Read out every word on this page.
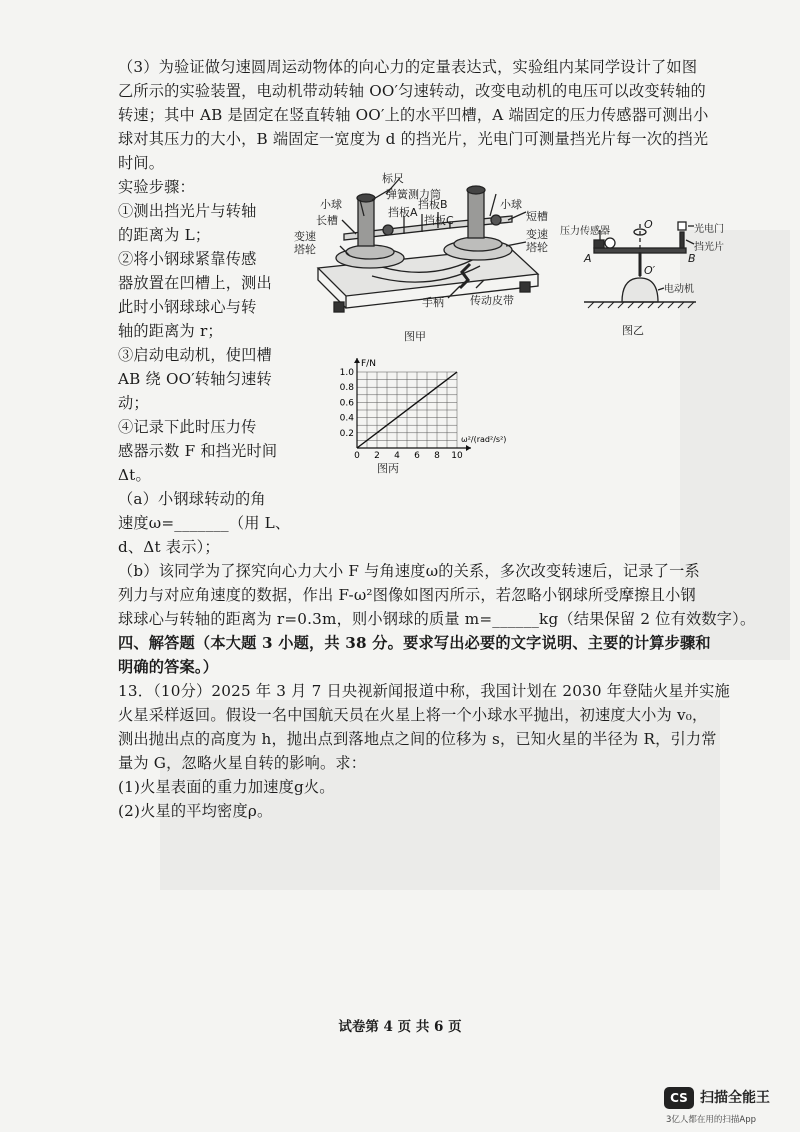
（3）为验证做匀速圆周运动物体的向心力的定量表达式，实验组内某同学设计了如图
乙所示的实验装置，电动机带动转轴 OO′匀速转动，改变电动机的电压可以改变转轴的
转速；其中 AB 是固定在竖直转轴 OO′上的水平凹槽，A 端固定的压力传感器可测出小
球对其压力的大小，B 端固定一宽度为 d 的挡光片，光电门可测量挡光片每一次的挡光
时间。
实验步骤：
①测出挡光片与转轴
的距离为 L；
②将小钢球紧靠传感
器放置在凹槽上，测出
此时小钢球球心与转
轴的距离为 r；
③启动电动机，使凹槽
AB 绕 OO′转轴匀速转
动；
④记录下此时压力传
感器示数 F 和挡光时间
Δt。
（a）小钢球转动的角
速度ω=_______（用 L、
d、Δt 表示）；
（b）该同学为了探究向心力大小 F 与角速度ω的关系，多次改变转速后，记录了一系
列力与对应角速度的数据，作出 F-ω²图像如图丙所示，若忽略小钢球所受摩擦且小钢
球球心与转轴的距离为 r=0.3m，则小钢球的质量 m=______kg（结果保留 2 位有效数字）。
四、解答题（本大题 3 小题，共 38 分。要求写出必要的文字说明、主要的计算步骤和
明确的答案。）
13．（10分）2025 年 3 月 7 日央视新闻报道中称，我国计划在 2030 年登陆火星并实施
火星采样返回。假设一名中国航天员在火星上将一个小球水平抛出，初速度大小为 v₀，
测出抛出点的高度为 h，抛出点到落地点之间的位移为 s，已知火星的半径为 R，引力常
量为 G，忽略火星自转的影响。求：
(1)火星表面的重力加速度g火。
(2)火星的平均密度ρ。
标尺
弹簧测力筒
小球	小球
长槽
挡板A
挡板B
挡板C	短槽
变速
塔轮
变速
塔轮
手柄 传动皮带
图甲
压力传感器	光电门
挡光片
A	B
O
O′
电动机
图乙
F/N
ω²/(rad²/s²)
0 2 4 6 8 10
0.2
0.4
0.6
0.8
1.0
图丙
试卷第 4 页 共 6 页
CS 扫描全能王
3亿人都在用的扫描App
